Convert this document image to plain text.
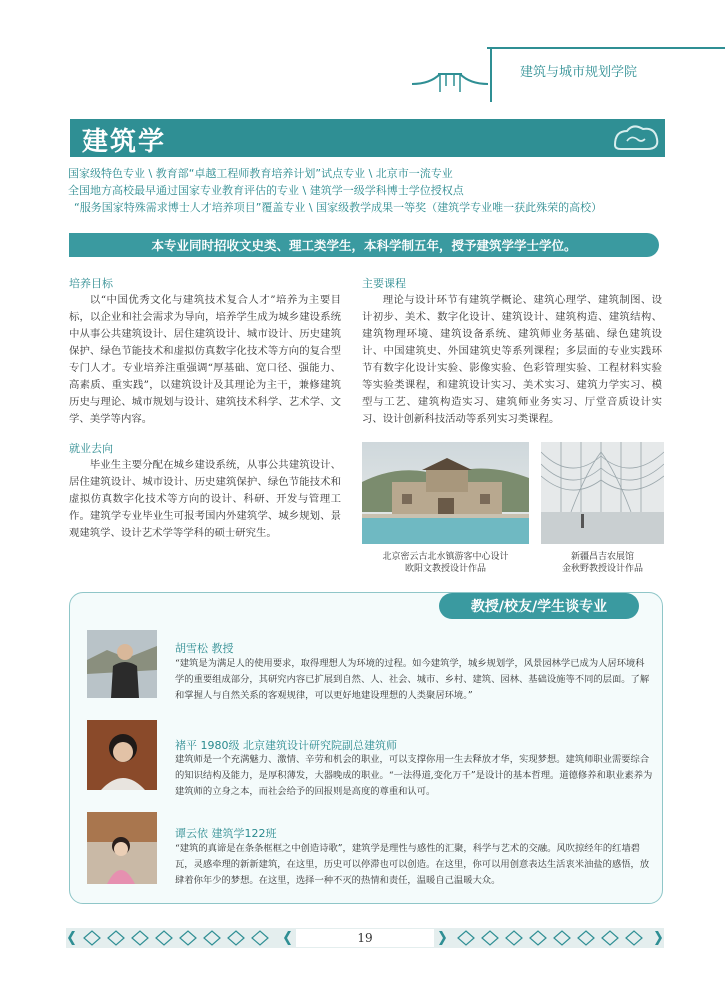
建筑与城市规划学院
建筑学
国家级特色专业 \ 教育部“卓越工程师教育培养计划”试点专业 \ 北京市一流专业
全国地方高校最早通过国家专业教育评估的专业 \ 建筑学一级学科博士学位授权点
“服务国家特殊需求博士人才培养项目”覆盖专业 \ 国家级教学成果一等奖（建筑学专业唯一获此殊荣的高校）
本专业同时招收文史类、理工类学生，本科学制五年，授予建筑学学士学位。
培养目标
以“中国优秀文化与建筑技术复合人才”培养为主要目标，以企业和社会需求为导向，培养学生成为城乡建设系统中从事公共建筑设计、居住建筑设计、城市设计、历史建筑保护、绿色节能技术和虚拟仿真数字化技术等方向的复合型专门人才。专业培养注重强调“厚基础、宽口径、强能力、高素质、重实践”，以建筑设计及其理论为主干，兼修建筑历史与理论、城市规划与设计、建筑技术科学、艺术学、文学、美学等内容。
就业去向
毕业生主要分配在城乡建设系统，从事公共建筑设计、居住建筑设计、城市设计、历史建筑保护、绿色节能技术和虚拟仿真数字化技术等方向的设计、科研、开发与管理工作。建筑学专业毕业生可报考国内外建筑学、城乡规划、景观建筑学、设计艺术学等学科的硕士研究生。
主要课程
理论与设计环节有建筑学概论、建筑心理学、建筑制图、设计初步、美术、数字化设计、建筑设计、建筑构造、建筑结构、建筑物理环境、建筑设备系统、建筑师业务基础、绿色建筑设计、中国建筑史、外国建筑史等系列课程；多层面的专业实践环节有数字化设计实验、影像实验、色彩管理实验、工程材料实验等实验类课程，和建筑设计实习、美术实习、建筑力学实习、模型与工艺、建筑构造实习、建筑师业务实习、厅堂音质设计实习、设计创新科技活动等系列实习类课程。
北京密云古北水镇游客中心设计
欧阳文教授设计作品
新疆昌吉农展馆
金秋野教授设计作品
教授/校友/学生谈专业
胡雪松 教授
“建筑是为满足人的使用要求，取得理想人为环境的过程。如今建筑学，城乡规划学，风景园林学已成为人居环境科学的重要组成部分，其研究内容已扩展到自然、人、社会、城市、乡村、建筑、园林、基础设施等不同的层面。了解和掌握人与自然关系的客观规律，可以更好地建设理想的人类聚居环境。”
褚平 1980级 北京建筑设计研究院副总建筑师
建筑师是一个充满魅力、激情、辛劳和机会的职业，可以支撑你用一生去释放才华，实现梦想。建筑师职业需要综合的知识结构及能力，是厚积薄发，大器晚成的职业。“一法得道,变化万千”是设计的基本哲理。道德修养和职业素养为建筑师的立身之本，而社会给予的回报则是高度的尊重和认可。
谭云依 建筑学122班
“建筑的真谛是在条条框框之中创造诗歌”，建筑学是理性与感性的汇聚，科学与艺术的交融。风吹掠经年的红墙碧瓦，灵感牵理的新新建筑，在这里，历史可以停滞也可以创造。在这里，你可以用创意表达生活衷米油盐的感悟，放肆着你年少的梦想。在这里，选择一种不灭的热情和责任，温暖自己温暖大众。
19
